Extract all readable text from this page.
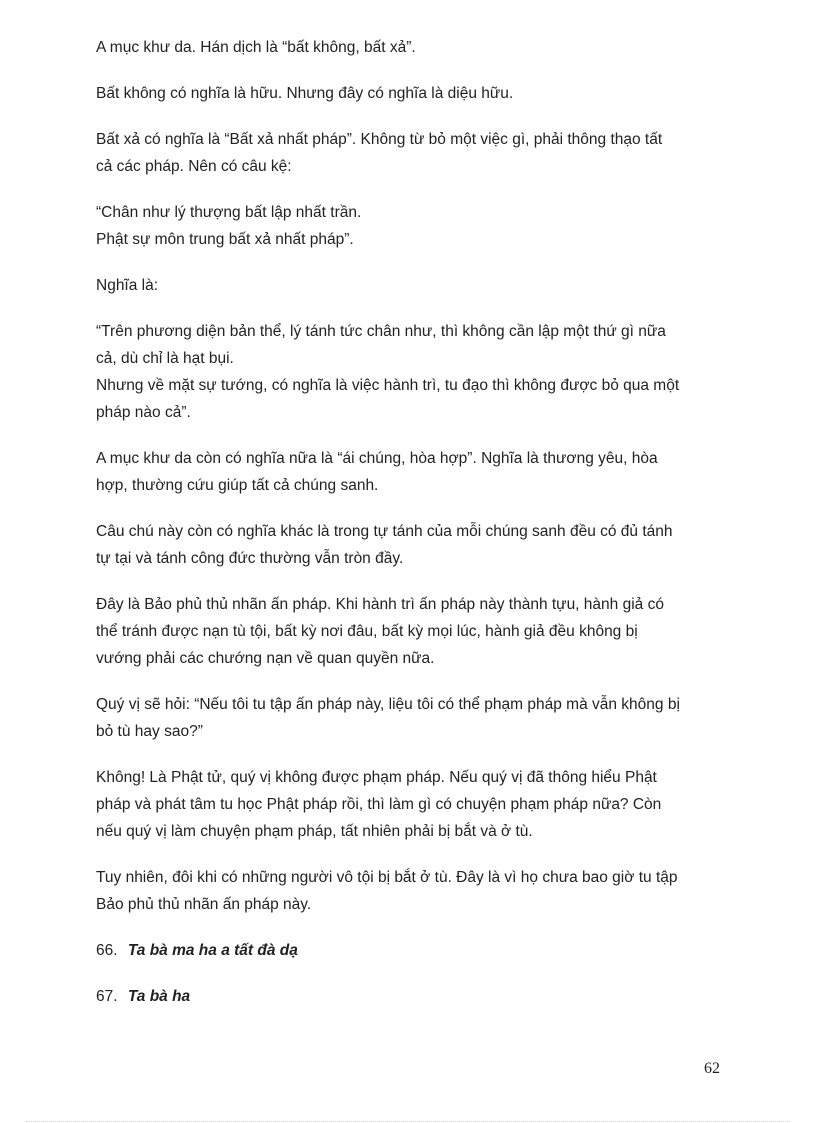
A mục khư da. Hán dịch là “bất không, bất xả”.

Bất không có nghĩa là hữu. Nhưng đây có nghĩa là diệu hữu.

Bất xả có nghĩa là “Bất xả nhất pháp”. Không từ bỏ một việc gì, phải thông thạo tất
cả các pháp. Nên có câu kệ:

“Chân như lý thượng bất lập nhất trần.
Phật sự môn trung bất xả nhất pháp”.

Nghĩa là:

“Trên phương diện bản thể, lý tánh tức chân như, thì không cần lập một thứ gì nữa
cả, dù chỉ là hạt bụi.
Nhưng về mặt sự tướng, có nghĩa là việc hành trì, tu đạo thì không được bỏ qua một
pháp nào cả”.

A mục khư da còn có nghĩa nữa là “ái chúng, hòa hợp”. Nghĩa là thương yêu, hòa
hợp, thường cứu giúp tất cả chúng sanh.

Câu chú này còn có nghĩa khác là trong tự tánh của mỗi chúng sanh đều có đủ tánh
tự tại và tánh công đức thường vẫn tròn đầy.

Đây là Bảo phủ thủ nhãn ấn pháp. Khi hành trì ấn pháp này thành tựu, hành giả có
thể tránh được nạn tù tội, bất kỳ nơi đâu, bất kỳ mọi lúc, hành giả đều không bị
vướng phải các chướng nạn về quan quyền nữa.

Quý vị sẽ hỏi: “Nếu tôi tu tập ấn pháp này, liệu tôi có thể phạm pháp mà vẫn không bị
bỏ tù hay sao?”

Không! Là Phật tử, quý vị không được phạm pháp. Nếu quý vị đã thông hiểu Phật
pháp và phát tâm tu học Phật pháp rồi, thì làm gì có chuyện phạm pháp nữa? Còn
nếu quý vị làm chuyện phạm pháp, tất nhiên phải bị bắt và ở tù.

Tuy nhiên, đôi khi có những người vô tội bị bắt ở tù. Đây là vì họ chưa bao giờ tu tập
Bảo phủ thủ nhãn ấn pháp này.

66. Ta bà ma ha a tất đà dạ

67. Ta bà ha

62
